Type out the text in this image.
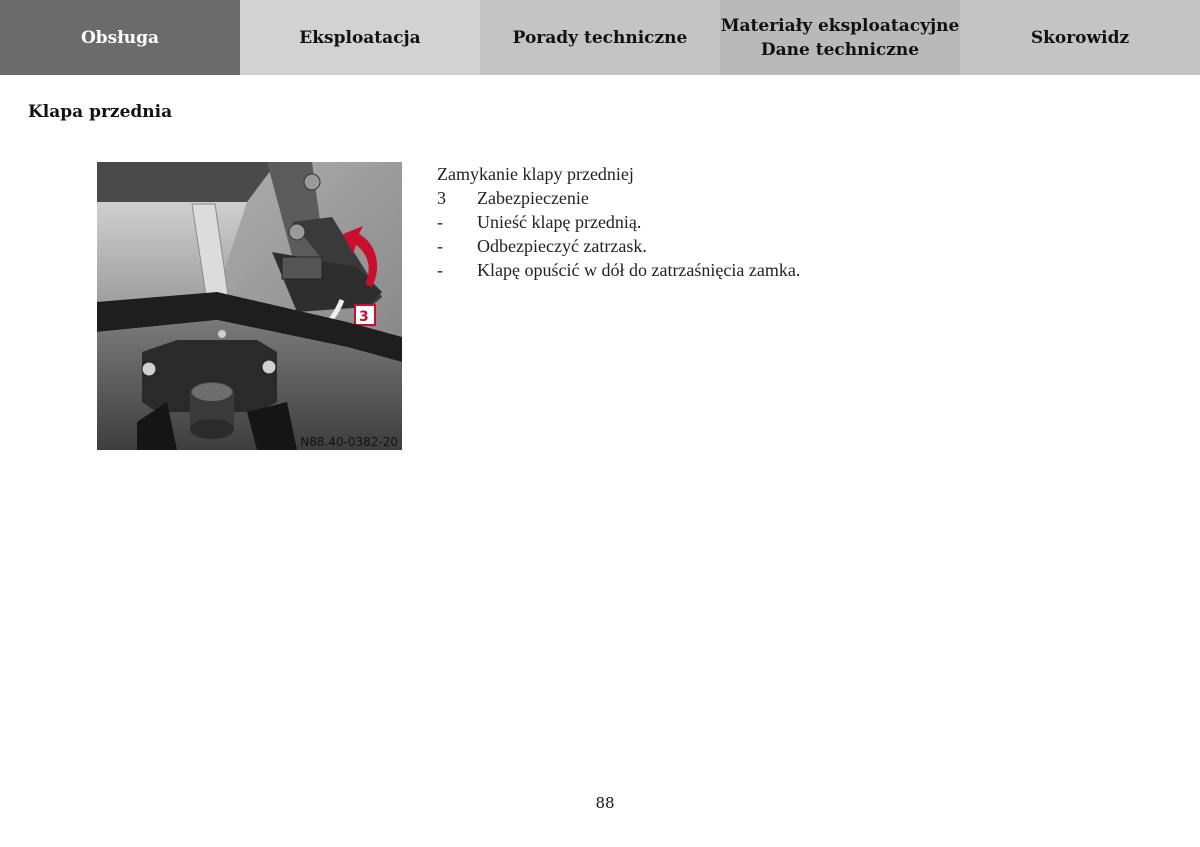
Obsługa	Eksploatacja	Porady techniczne
Materiały eksploatacyjne
Dane techniczne
Skorowidz
Klapa przednia
3
N88.40-0382-20
Zamykanie klapy przedniej
3	Zabezpieczenie
-	Unieść klapę przednią.
-	Odbezpieczyć zatrzask.
-	Klapę opuścić w dół do zatrzaśnięcia zamka.
88
